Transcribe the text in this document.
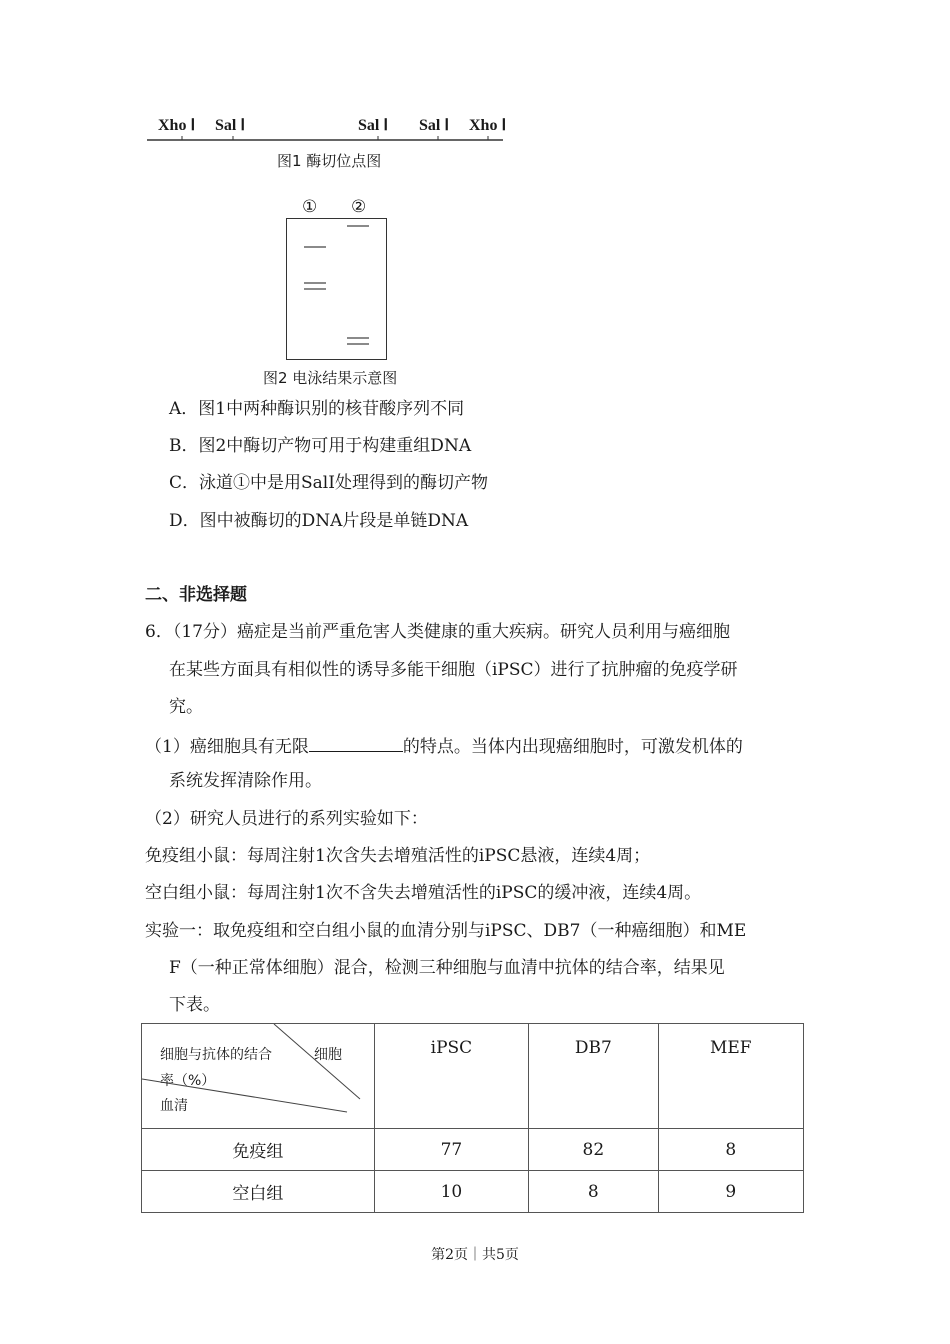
Xho Ⅰ Sal Ⅰ	Sal Ⅰ Sal Ⅰ Xho Ⅰ
图1 酶切位点图
① ②
图2 电泳结果示意图
A．图1中两种酶识别的核苷酸序列不同
B．图2中酶切产物可用于构建重组DNA
C．泳道①中是用SalI处理得到的酶切产物
D．图中被酶切的DNA片段是单链DNA
二、非选择题
6．（17分）癌症是当前严重危害人类健康的重大疾病。研究人员利用与癌细胞
在某些方面具有相似性的诱导多能干细胞（iPSC）进行了抗肿瘤的免疫学研
究。
（1）癌细胞具有无限	的特点。当体内出现癌细胞时，可激发机体的
系统发挥清除作用。
（2）研究人员进行的系列实验如下：
免疫组小鼠：每周注射1次含失去增殖活性的iPSC悬液，连续4周；
空白组小鼠：每周注射1次不含失去增殖活性的iPSC的缓冲液，连续4周。
实验一：取免疫组和空白组小鼠的血清分别与iPSC、DB7（一种癌细胞）和ME
F（一种正常体细胞）混合，检测三种细胞与血清中抗体的结合率，结果见
下表。
细胞与抗体的结合 细胞
率（%）
血清	iPSC	DB7	MEF
免疫组	77	82	8
空白组	10	8	9
第2页｜共5页
